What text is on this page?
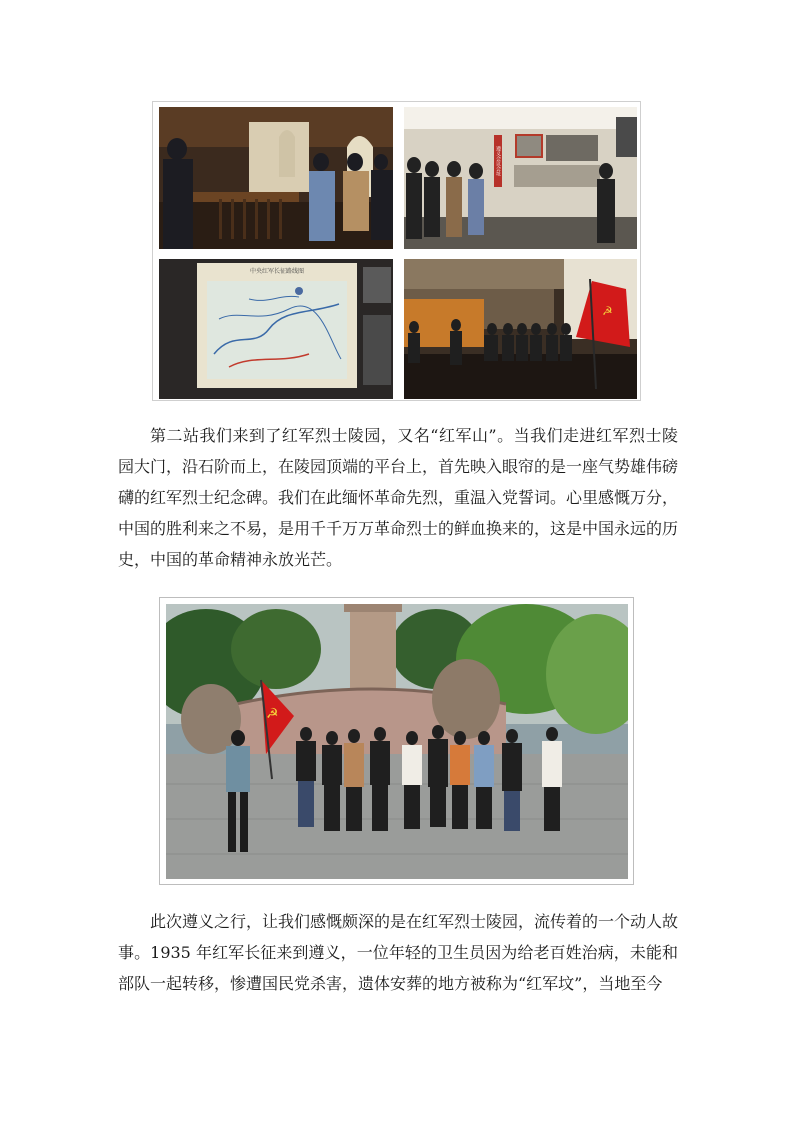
遵义会议会址
中央红军长征路线图
☭

第二站我们来到了红军烈士陵园，又名“红军山”。当我们走进红军烈士陵园大门，沿石阶而上，在陵园顶端的平台上，首先映入眼帘的是一座气势雄伟磅礴的红军烈士纪念碑。我们在此缅怀革命先烈，重温入党誓词。心里感慨万分，中国的胜利来之不易，是用千千万万革命烈士的鲜血换来的，这是中国永远的历史，中国的革命精神永放光芒。

☭

此次遵义之行，让我们感慨颇深的是在红军烈士陵园，流传着的一个动人故事。1935 年红军长征来到遵义，一位年轻的卫生员因为给老百姓治病，未能和部队一起转移，惨遭国民党杀害，遗体安葬的地方被称为“红军坟”，当地至今
